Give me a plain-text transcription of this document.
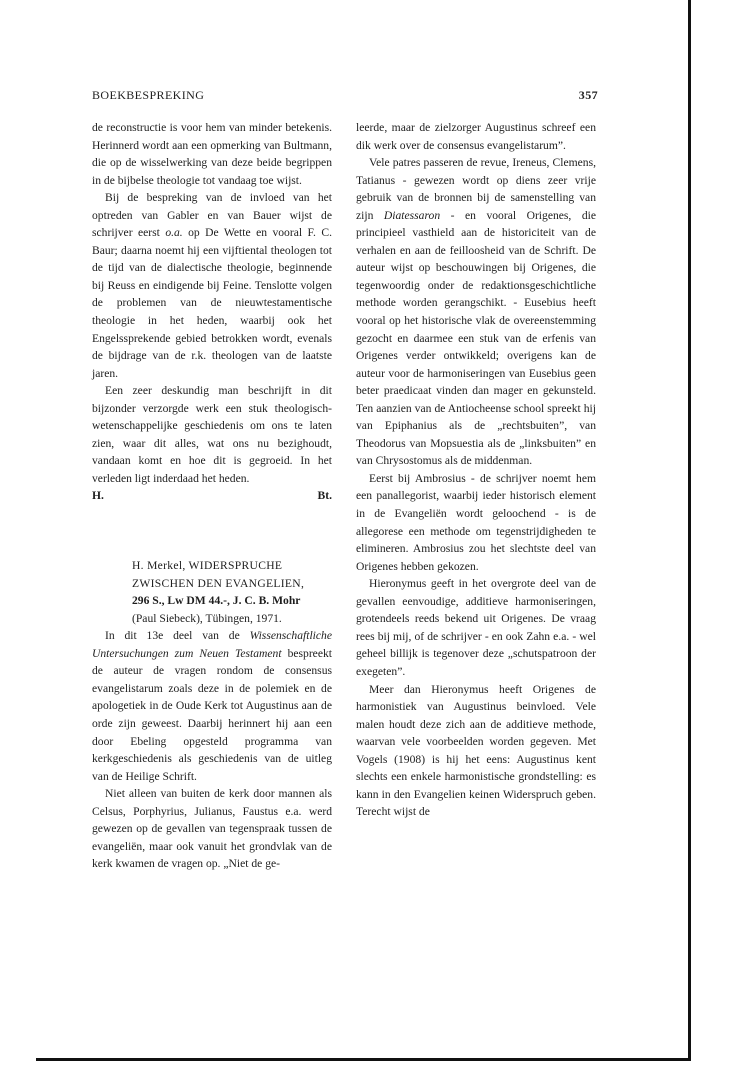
BOEKBESPREKING	357

de reconstructie is voor hem van minder betekenis. Herinnerd wordt aan een opmerking van Bultmann, die op de wisselwerking van deze beide begrippen in de bijbelse theologie tot vandaag toe wijst.

Bij de bespreking van de invloed van het optreden van Gabler en van Bauer wijst de schrijver eerst o.a. op De Wette en vooral F. C. Baur; daarna noemt hij een vijftiental theologen tot de tijd van de dialectische theologie, beginnende bij Reuss en eindigende bij Feine. Tenslotte volgen de problemen van de nieuwtestamentische theologie in het heden, waarbij ook het Engelssprekende gebied betrokken wordt, evenals de bijdrage van de r.k. theologen van de laatste jaren.

Een zeer deskundig man beschrijft in dit bijzonder verzorgde werk een stuk theologisch- wetenschappelijke geschiedenis om ons te laten zien, waar dit alles, wat ons nu bezighoudt, vandaan komt en hoe dit is gegroeid. In het verleden ligt inderdaad het heden.

H.	Bt.
H. Merkel, WIDERSPRUCHE
ZWISCHEN DEN EVANGELIEN,
296 S., Lw DM 44.-, J. C. B. Mohr
(Paul Siebeck), Tübingen, 1971.

In dit 13e deel van de Wissenschaftliche Untersuchungen zum Neuen Testament bespreekt de auteur de vragen rondom de consensus evangelistarum zoals deze in de polemiek en de apologetiek in de Oude Kerk tot Augustinus aan de orde zijn geweest. Daarbij herinnert hij aan een door Ebeling opgesteld programma van kerkgeschiedenis als geschiedenis van de uitleg van de Heilige Schrift.

Niet alleen van buiten de kerk door mannen als Celsus, Porphyrius, Julianus, Faustus e.a. werd gewezen op de gevallen van tegenspraak tussen de evangeliën, maar ook vanuit het grondvlak van de kerk kwamen de vragen op. „Niet de ge-

leerde, maar de zielzorger Augustinus schreef een dik werk over de consensus evangelistarum”.

Vele patres passeren de revue, Ireneus, Clemens, Tatianus - gewezen wordt op diens zeer vrije gebruik van de bronnen bij de samenstelling van zijn Diatessaron - en vooral Origenes, die principieel vasthield aan de historiciteit van de verhalen en aan de feilloosheid van de Schrift. De auteur wijst op beschouwingen bij Origenes, die tegenwoordig onder de redaktionsgeschichtliche methode worden gerangschikt. - Eusebius heeft vooral op het historische vlak de overeenstemming gezocht en daarmee een stuk van de erfenis van Origenes verder ontwikkeld; overigens kan de auteur voor de harmoniseringen van Eusebius geen beter praedicaat vinden dan mager en gekunsteld. Ten aanzien van de Antiocheense school spreekt hij van Epiphanius als de „rechtsbuiten”, van Theodorus van Mopsuestia als de „linksbuiten” en van Chrysostomus als de middenman.

Eerst bij Ambrosius - de schrijver noemt hem een panallegorist, waarbij ieder historisch element in de Evangeliën wordt geloochend - is de allegorese een methode om tegenstrijdigheden te elimineren. Ambrosius zou het slechtste deel van Origenes hebben gekozen.

Hieronymus geeft in het overgrote deel van de gevallen eenvoudige, additieve harmoniseringen, grotendeels reeds bekend uit Origenes. De vraag rees bij mij, of de schrijver - en ook Zahn e.a. - wel geheel billijk is tegenover deze „schutspatroon der exegeten”.

Meer dan Hieronymus heeft Origenes de harmonistiek van Augustinus beinvloed. Vele malen houdt deze zich aan de additieve methode, waarvan vele voorbeelden worden gegeven. Met Vogels (1908) is hij het eens: Augustinus kent slechts een enkele harmonistische grondstelling: es kann in den Evangelien keinen Widerspruch geben. Terecht wijst de
